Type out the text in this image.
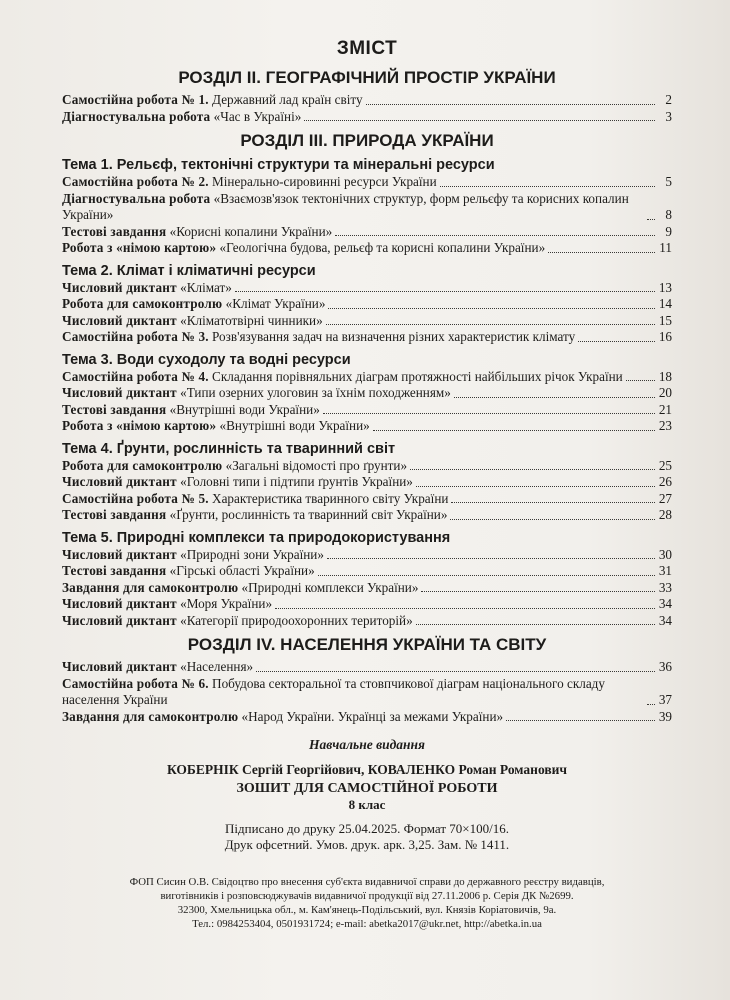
ЗМІСТ
РОЗДІЛ ІІ. ГЕОГРАФІЧНИЙ ПРОСТІР УКРАЇНИ
Самостійна робота № 1. Державний лад країн світу	2
Діагностувальна робота «Час в Україні»	3
РОЗДІЛ ІІІ. ПРИРОДА УКРАЇНИ
Тема 1. Рельєф, тектонічні структури та мінеральні ресурси
Самостійна робота № 2. Мінерально-сировинні ресурси України	5
Діагностувальна робота «Взаємозв'язок тектонічних структур, форм рельєфу та корисних копалин України»	8
Тестові завдання «Корисні копалини України»	9
Робота з «німою картою» «Геологічна будова, рельєф та корисні копалини України»	11
Тема 2. Клімат і кліматичні ресурси
Числовий диктант «Клімат»	13
Робота для самоконтролю «Клімат України»	14
Числовий диктант «Кліматотвірні чинники»	15
Самостійна робота № 3. Розв'язування задач на визначення різних характеристик клімату	16
Тема 3. Води суходолу та водні ресурси
Самостійна робота № 4. Складання порівняльних діаграм протяжності найбільших річок України	18
Числовий диктант «Типи озерних улоговин за їхнім походженням»	20
Тестові завдання «Внутрішні води України»	21
Робота з «німою картою» «Внутрішні води України»	23
Тема 4. Ґрунти, рослинність та тваринний світ
Робота для самоконтролю «Загальні відомості про ґрунти»	25
Числовий диктант «Головні типи і підтипи ґрунтів України»	26
Самостійна робота № 5. Характеристика тваринного світу України	27
Тестові завдання «Ґрунти, рослинність та тваринний світ України»	28
Тема 5. Природні комплекси та природокористування
Числовий диктант «Природні зони України»	30
Тестові завдання «Гірські області України»	31
Завдання для самоконтролю «Природні комплекси України»	33
Числовий диктант «Моря України»	34
Числовий диктант «Категорії природоохоронних територій»	34
РОЗДІЛ IV. НАСЕЛЕННЯ УКРАЇНИ ТА СВІТУ
Числовий диктант «Населення»	36
Самостійна робота № 6. Побудова секторальної та стовпчикової діаграм національного складу населення України	37
Завдання для самоконтролю «Народ України. Українці за межами України»	39
Навчальне видання
КОБЕРНІК Сергій Георгійович, КОВАЛЕНКО Роман Романович
ЗОШИТ ДЛЯ САМОСТІЙНОЇ РОБОТИ
8 клас
Підписано до друку 25.04.2025. Формат 70×100/16.
Друк офсетний. Умов. друк. арк. 3,25. Зам. № 1411.
ФОП Сисин О.В. Свідоцтво про внесення суб'єкта видавничої справи до державного реєстру видавців,
виготівників і розповсюджувачів видавничої продукції від 27.11.2006 р. Серія ДК №2699.
32300, Хмельницька обл., м. Кам'янець-Подільський, вул. Князів Коріатовичів, 9а.
Тел.: 0984253404, 0501931724; e-mail: abetka2017@ukr.net, http://abetka.in.ua
